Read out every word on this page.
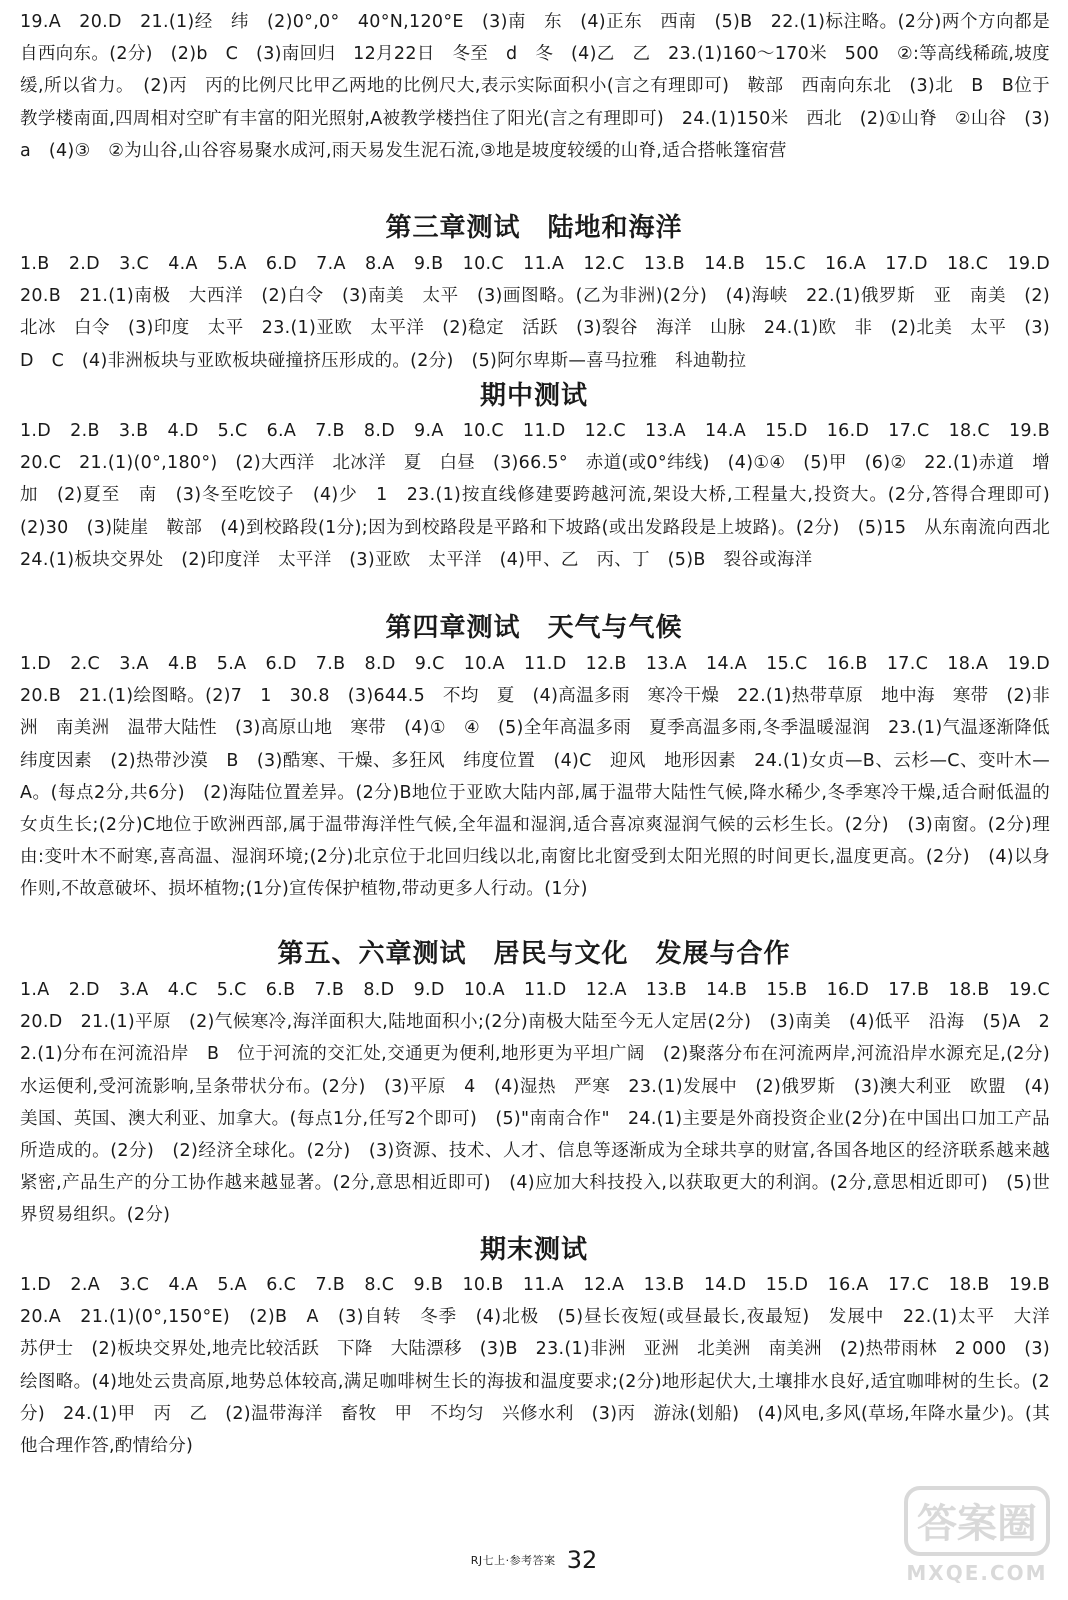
19.A　20.D　21.(1)经　纬　(2)0°,0°　40°N,120°E　(3)南　东　(4)正东　西南　(5)B　22.(1)标注略。(2分)两个方向都是自西向东。(2分)　(2)b　C　(3)南回归　12月22日　冬至　d　冬　(4)乙　乙　23.(1)160～170米　500　②:等高线稀疏,坡度缓,所以省力。　(2)丙　丙的比例尺比甲乙两地的比例尺大,表示实际面积小(言之有理即可)　鞍部　西南向东北　(3)北　B　B位于教学楼南面,四周相对空旷有丰富的阳光照射,A被教学楼挡住了阳光(言之有理即可)　24.(1)150米　西北　(2)①山脊　②山谷　(3)a　(4)③　②为山谷,山谷容易聚水成河,雨天易发生泥石流,③地是坡度较缓的山脊,适合搭帐篷宿营
第三章测试　陆地和海洋
1.B　2.D　3.C　4.A　5.A　6.D　7.A　8.A　9.B　10.C　11.A　12.C　13.B　14.B　15.C　16.A　17.D　18.C　19.D　20.B　21.(1)南极　大西洋　(2)白令　(3)南美　太平　(3)画图略。(乙为非洲)(2分)　(4)海峡　22.(1)俄罗斯　亚　南美　(2)北冰　白令　(3)印度　太平　23.(1)亚欧　太平洋　(2)稳定　活跃　(3)裂谷　海洋　山脉　24.(1)欧　非　(2)北美　太平　(3)D　C　(4)非洲板块与亚欧板块碰撞挤压形成的。(2分)　(5)阿尔卑斯—喜马拉雅　科迪勒拉
期中测试
1.D　2.B　3.B　4.D　5.C　6.A　7.B　8.D　9.A　10.C　11.D　12.C　13.A　14.A　15.D　16.D　17.C　18.C　19.B　20.C　21.(1)(0°,180°)　(2)大西洋　北冰洋　夏　白昼　(3)66.5°　赤道(或0°纬线)　(4)①④　(5)甲　(6)②　22.(1)赤道　增加　(2)夏至　南　(3)冬至吃饺子　(4)少　1　23.(1)按直线修建要跨越河流,架设大桥,工程量大,投资大。(2分,答得合理即可)　(2)30　(3)陡崖　鞍部　(4)到校路段(1分);因为到校路段是平路和下坡路(或出发路段是上坡路)。(2分)　(5)15　从东南流向西北　24.(1)板块交界处　(2)印度洋　太平洋　(3)亚欧　太平洋　(4)甲、乙　丙、丁　(5)B　裂谷或海洋
第四章测试　天气与气候
1.D　2.C　3.A　4.B　5.A　6.D　7.B　8.D　9.C　10.A　11.D　12.B　13.A　14.A　15.C　16.B　17.C　18.A　19.D　20.B　21.(1)绘图略。(2)7　1　30.8　(3)644.5　不均　夏　(4)高温多雨　寒冷干燥　22.(1)热带草原　地中海　寒带　(2)非洲　南美洲　温带大陆性　(3)高原山地　寒带　(4)①　④　(5)全年高温多雨　夏季高温多雨,冬季温暖湿润　23.(1)气温逐渐降低　纬度因素　(2)热带沙漠　B　(3)酷寒、干燥、多狂风　纬度位置　(4)C　迎风　地形因素　24.(1)女贞—B、云杉—C、变叶木—A。(每点2分,共6分)　(2)海陆位置差异。(2分)B地位于亚欧大陆内部,属于温带大陆性气候,降水稀少,冬季寒冷干燥,适合耐低温的女贞生长;(2分)C地位于欧洲西部,属于温带海洋性气候,全年温和湿润,适合喜凉爽湿润气候的云杉生长。(2分)　(3)南窗。(2分)理由:变叶木不耐寒,喜高温、湿润环境;(2分)北京位于北回归线以北,南窗比北窗受到太阳光照的时间更长,温度更高。(2分)　(4)以身作则,不故意破坏、损坏植物;(1分)宣传保护植物,带动更多人行动。(1分)
第五、六章测试　居民与文化　发展与合作
1.A　2.D　3.A　4.C　5.C　6.B　7.B　8.D　9.D　10.A　11.D　12.A　13.B　14.B　15.B　16.D　17.B　18.B　19.C　20.D　21.(1)平原　(2)气候寒冷,海洋面积大,陆地面积小;(2分)南极大陆至今无人定居(2分)　(3)南美　(4)低平　沿海　(5)A　22.(1)分布在河流沿岸　B　位于河流的交汇处,交通更为便利,地形更为平坦广阔　(2)聚落分布在河流两岸,河流沿岸水源充足,(2分)水运便利,受河流影响,呈条带状分布。(2分)　(3)平原　4　(4)湿热　严寒　23.(1)发展中　(2)俄罗斯　(3)澳大利亚　欧盟　(4)美国、英国、澳大利亚、加拿大。(每点1分,任写2个即可)　(5)"南南合作"　24.(1)主要是外商投资企业(2分)在中国出口加工产品所造成的。(2分)　(2)经济全球化。(2分)　(3)资源、技术、人才、信息等逐渐成为全球共享的财富,各国各地区的经济联系越来越紧密,产品生产的分工协作越来越显著。(2分,意思相近即可)　(4)应加大科技投入,以获取更大的利润。(2分,意思相近即可)　(5)世界贸易组织。(2分)
期末测试
1.D　2.A　3.C　4.A　5.A　6.C　7.B　8.C　9.B　10.B　11.A　12.A　13.B　14.D　15.D　16.A　17.C　18.B　19.B　20.A　21.(1)(0°,150°E)　(2)B　A　(3)自转　冬季　(4)北极　(5)昼长夜短(或昼最长,夜最短)　发展中　22.(1)太平　大洋　苏伊士　(2)板块交界处,地壳比较活跃　下降　大陆漂移　(3)B　23.(1)非洲　亚洲　北美洲　南美洲　(2)热带雨林　2 000　(3)绘图略。(4)地处云贵高原,地势总体较高,满足咖啡树生长的海拔和温度要求;(2分)地形起伏大,土壤排水良好,适宜咖啡树的生长。(2分)　24.(1)甲　丙　乙　(2)温带海洋　畜牧　甲　不均匀　兴修水利　(3)丙　游泳(划船)　(4)风电,多风(草场,年降水量少)。(其他合理作答,酌情给分)
RJ七上·参考答案 32
答案圈
MXQE.COM
